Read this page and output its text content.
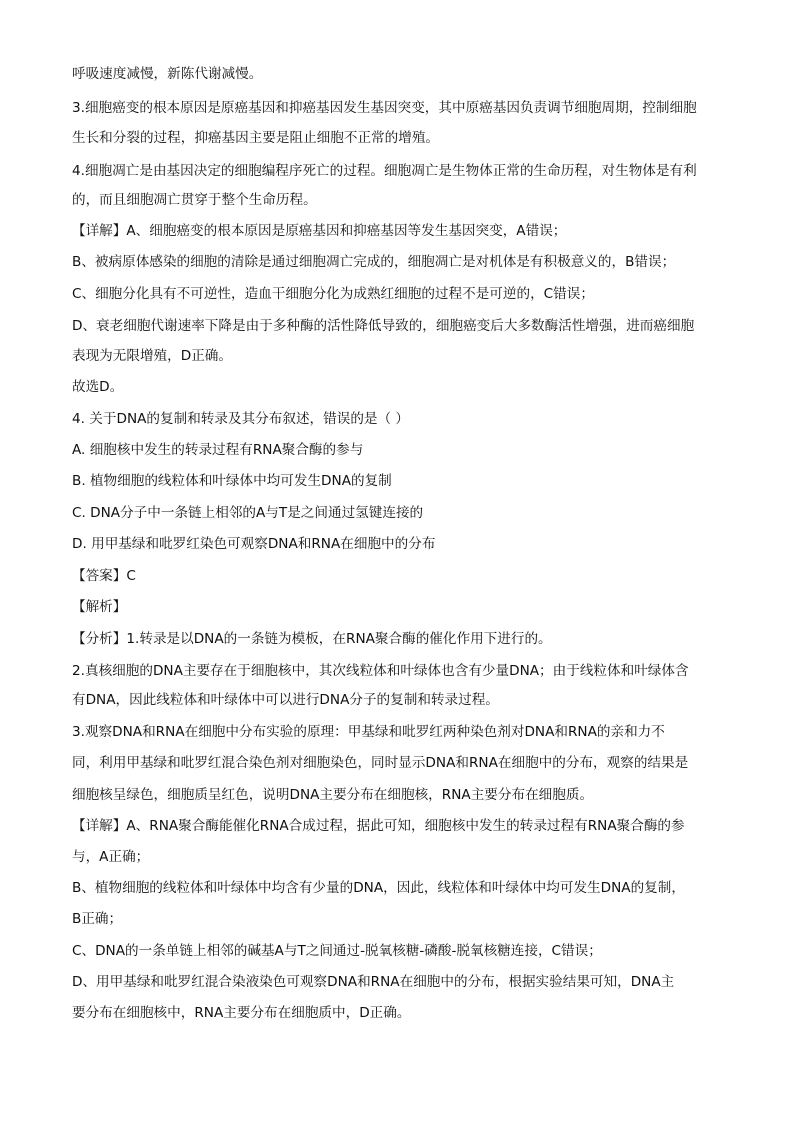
呼吸速度减慢，新陈代谢减慢。
3.细胞癌变的根本原因是原癌基因和抑癌基因发生基因突变，其中原癌基因负责调节细胞周期，控制细胞
生长和分裂的过程，抑癌基因主要是阻止细胞不正常的增殖。
4.细胞凋亡是由基因决定的细胞编程序死亡的过程。细胞凋亡是生物体正常的生命历程，对生物体是有利
的，而且细胞凋亡贯穿于整个生命历程。
【详解】A、细胞癌变的根本原因是原癌基因和抑癌基因等发生基因突变，A错误；
B、被病原体感染的细胞的清除是通过细胞凋亡完成的，细胞凋亡是对机体是有积极意义的，B错误；
C、细胞分化具有不可逆性，造血干细胞分化为成熟红细胞的过程不是可逆的，C错误；
D、衰老细胞代谢速率下降是由于多种酶的活性降低导致的，细胞癌变后大多数酶活性增强，进而癌细胞
表现为无限增殖，D正确。
故选D。
4. 关于DNA的复制和转录及其分布叙述，错误的是（ ）
A. 细胞核中发生的转录过程有RNA聚合酶的参与
B. 植物细胞的线粒体和叶绿体中均可发生DNA的复制
C. DNA分子中一条链上相邻的A与T是之间通过氢键连接的
D. 用甲基绿和吡罗红染色可观察DNA和RNA在细胞中的分布
【答案】C
【解析】
【分析】1.转录是以DNA的一条链为模板，在RNA聚合酶的催化作用下进行的。
2.真核细胞的DNA主要存在于细胞核中，其次线粒体和叶绿体也含有少量DNA；由于线粒体和叶绿体含
有DNA，因此线粒体和叶绿体中可以进行DNA分子的复制和转录过程。
3.观察DNA和RNA在细胞中分布实验的原理：甲基绿和吡罗红两种染色剂对DNA和RNA的亲和力不
同，利用甲基绿和吡罗红混合染色剂对细胞染色，同时显示DNA和RNA在细胞中的分布，观察的结果是
细胞核呈绿色，细胞质呈红色，说明DNA主要分布在细胞核，RNA主要分布在细胞质。
【详解】A、RNA聚合酶能催化RNA合成过程，据此可知，细胞核中发生的转录过程有RNA聚合酶的参
与，A正确；
B、植物细胞的线粒体和叶绿体中均含有少量的DNA，因此，线粒体和叶绿体中均可发生DNA的复制，
B正确；
C、DNA的一条单链上相邻的碱基A与T之间通过-脱氧核糖-磷酸-脱氧核糖连接，C错误；
D、用甲基绿和吡罗红混合染液染色可观察DNA和RNA在细胞中的分布，根据实验结果可知，DNA主
要分布在细胞核中，RNA主要分布在细胞质中，D正确。
